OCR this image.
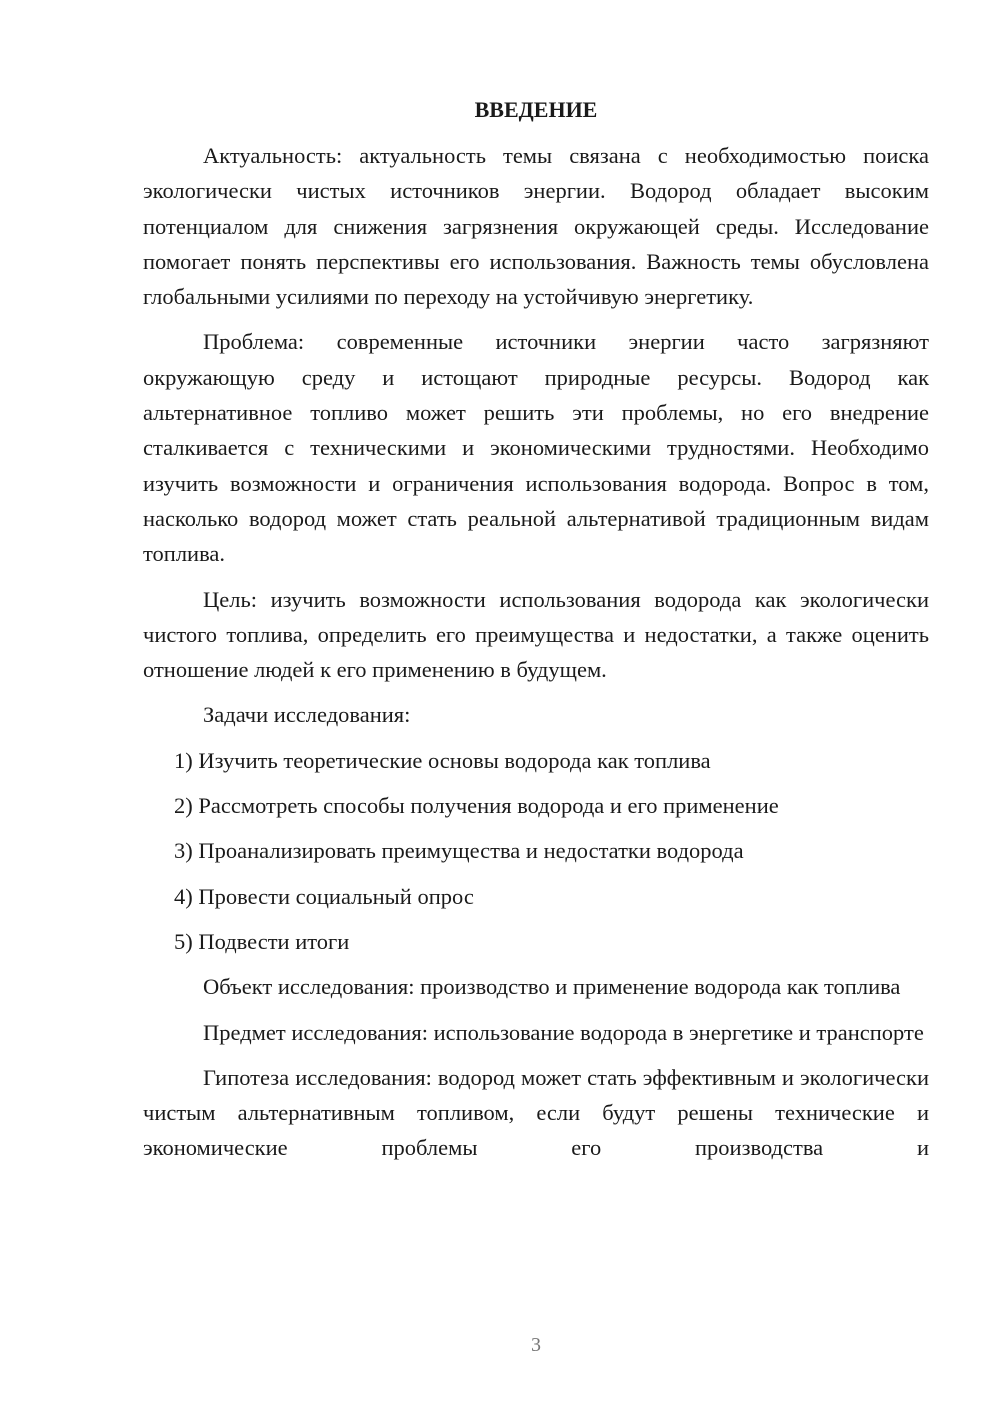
ВВЕДЕНИЕ

Актуальность: актуальность темы связана с необходимостью поиска экологически чистых источников энергии. Водород обладает высоким потенциалом для снижения загрязнения окружающей среды. Исследование помогает понять перспективы его использования. Важность темы обусловлена глобальными усилиями по переходу на устойчивую энергетику.

Проблема: современные источники энергии часто загрязняют окружающую среду и истощают природные ресурсы. Водород как альтернативное топливо может решить эти проблемы, но его внедрение сталкивается с техническими и экономическими трудностями. Необходимо изучить возможности и ограничения использования водорода. Вопрос в том, насколько водород может стать реальной альтернативой традиционным видам топлива.

Цель: изучить возможности использования водорода как экологически чистого топлива, определить его преимущества и недостатки, а также оценить отношение людей к его применению в будущем.

Задачи исследования:

1) Изучить теоретические основы водорода как топлива
2) Рассмотреть способы получения водорода и его применение
3) Проанализировать преимущества и недостатки водорода
4) Провести социальный опрос
5) Подвести итоги

Объект исследования: производство и применение водорода как топлива

Предмет исследования: использование водорода в энергетике и транспорте

Гипотеза исследования: водород может стать эффективным и экологически чистым альтернативным топливом, если будут решены технические и экономические проблемы его производства и

3
